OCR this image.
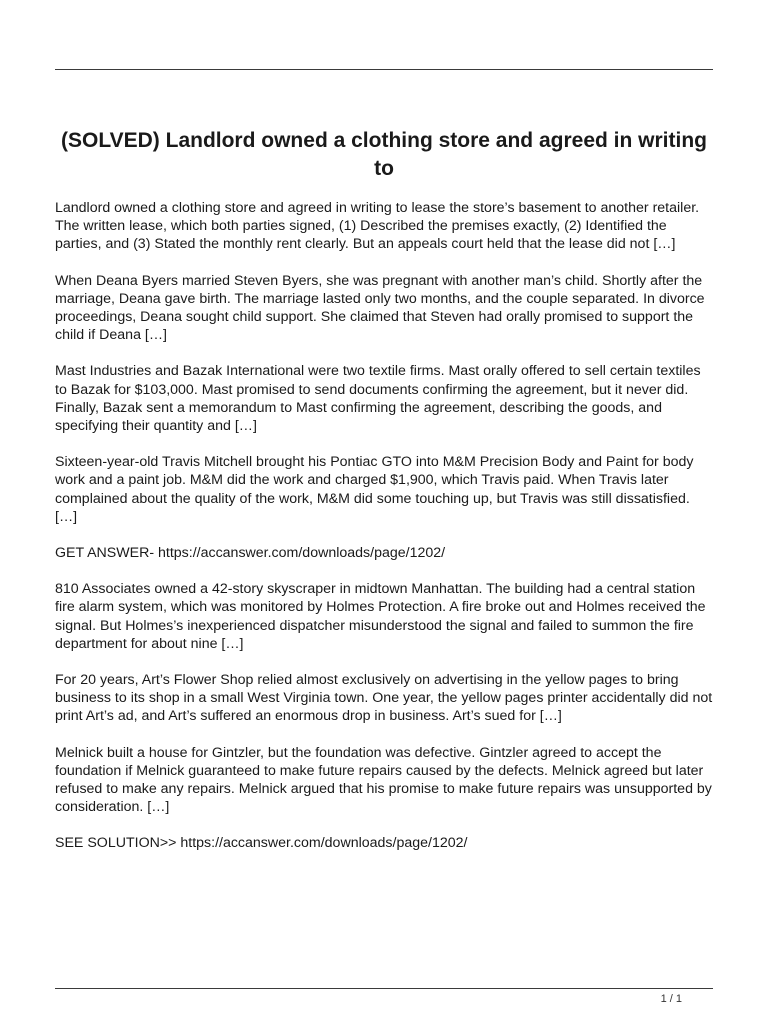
(SOLVED) Landlord owned a clothing store and agreed in writing to

Landlord owned a clothing store and agreed in writing to lease the store’s basement to another retailer. The written lease, which both parties signed, (1) Described the premises exactly, (2) Identified the parties, and (3) Stated the monthly rent clearly. But an appeals court held that the lease did not […]

When Deana Byers married Steven Byers, she was pregnant with another man’s child. Shortly after the marriage, Deana gave birth. The marriage lasted only two months, and the couple separated. In divorce proceedings, Deana sought child support. She claimed that Steven had orally promised to support the child if Deana […]

Mast Industries and Bazak International were two textile firms. Mast orally offered to sell certain textiles to Bazak for $103,000. Mast promised to send documents confirming the agreement, but it never did. Finally, Bazak sent a memorandum to Mast confirming the agreement, describing the goods, and specifying their quantity and […]

Sixteen-year-old Travis Mitchell brought his Pontiac GTO into M&M Precision Body and Paint for body work and a paint job. M&M did the work and charged $1,900, which Travis paid. When Travis later complained about the quality of the work, M&M did some touching up, but Travis was still dissatisfied. […]

GET ANSWER- https://accanswer.com/downloads/page/1202/

810 Associates owned a 42-story skyscraper in midtown Manhattan. The building had a central station fire alarm system, which was monitored by Holmes Protection. A fire broke out and Holmes received the signal. But Holmes’s inexperienced dispatcher misunderstood the signal and failed to summon the fire department for about nine […]

For 20 years, Art’s Flower Shop relied almost exclusively on advertising in the yellow pages to bring business to its shop in a small West Virginia town. One year, the yellow pages printer accidentally did not print Art’s ad, and Art’s suffered an enormous drop in business. Art’s sued for […]

Melnick built a house for Gintzler, but the foundation was defective. Gintzler agreed to accept the foundation if Melnick guaranteed to make future repairs caused by the defects. Melnick agreed but later refused to make any repairs. Melnick argued that his promise to make future repairs was unsupported by consideration. […]

SEE SOLUTION>> https://accanswer.com/downloads/page/1202/

1 / 1
